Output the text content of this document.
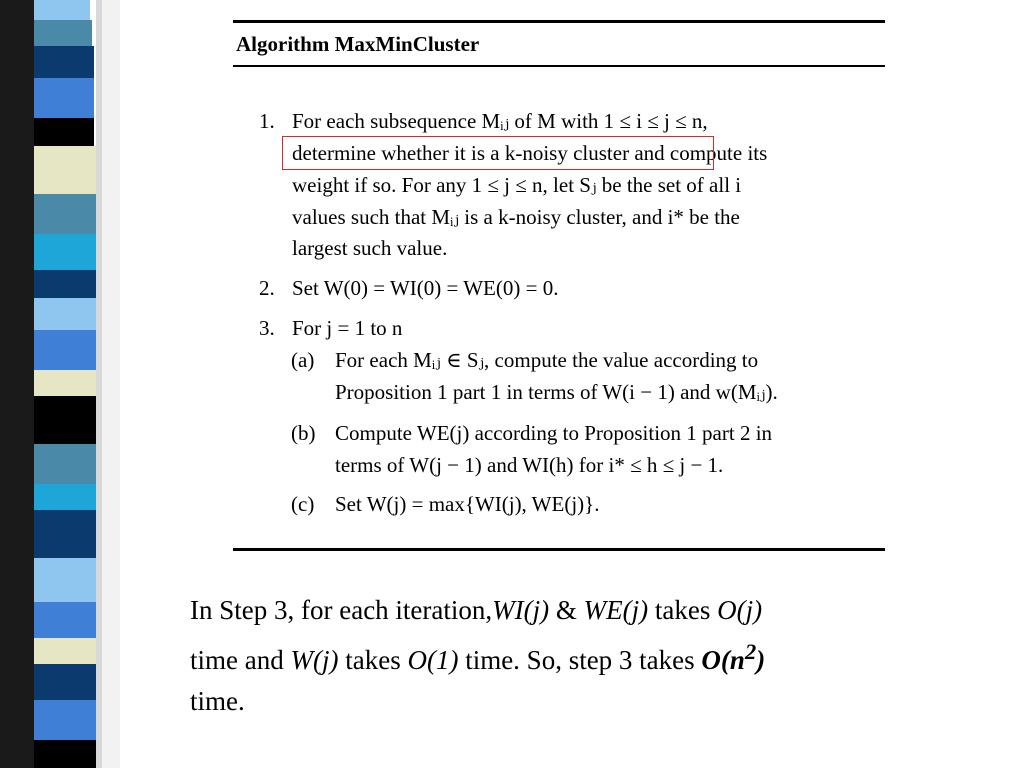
Algorithm MaxMinCluster
1. For each subsequence Mᵢⱼ of M with 1 ≤ i ≤ j ≤ n,
determine whether it is a k-noisy cluster and compute its
weight if so. For any 1 ≤ j ≤ n, let Sⱼ be the set of all i
values such that Mᵢⱼ is a k-noisy cluster, and i* be the
largest such value.
2. Set W(0) = WI(0) = WE(0) = 0.
3. For j = 1 to n
(a) For each Mᵢⱼ ∈ Sⱼ, compute the value according to
Proposition 1 part 1 in terms of W(i − 1) and w(Mᵢⱼ).
(b) Compute WE(j) according to Proposition 1 part 2 in
terms of W(j − 1) and WI(h) for i* ≤ h ≤ j − 1.
(c) Set W(j) = max{WI(j), WE(j)}.
In Step 3, for each iteration,WI(j) & WE(j) takes O(j)
time and W(j) takes O(1) time. So, step 3 takes $O(n^2)$
time.
